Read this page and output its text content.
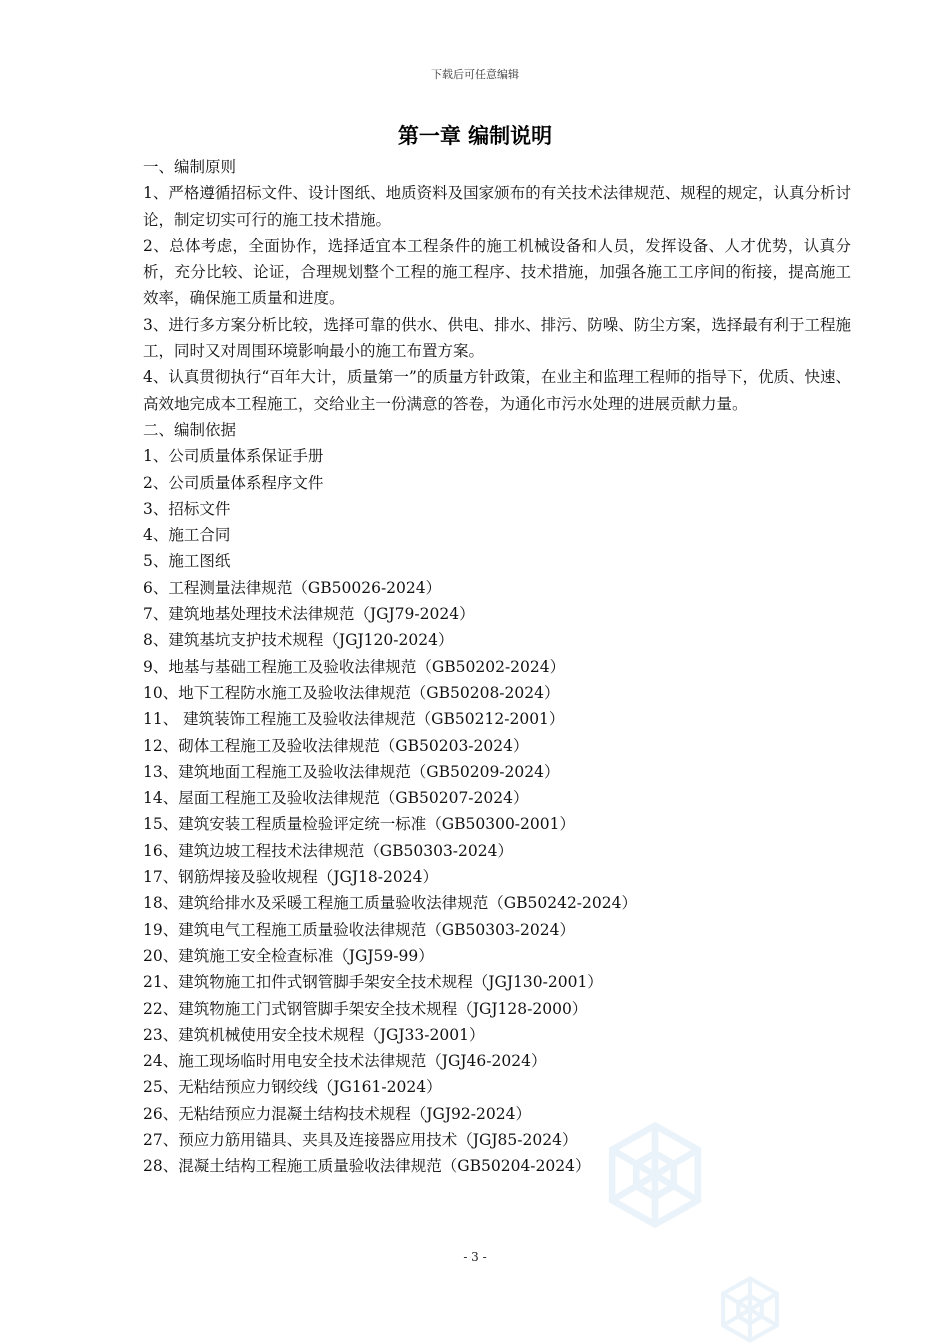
下载后可任意编辑
第一章 编制说明
一、编制原则
1、严格遵循招标文件、设计图纸、地质资料及国家颁布的有关技术法律规范、规程的规定，认真分析讨论，制定切实可行的施工技术措施。
2、总体考虑，全面协作，选择适宜本工程条件的施工机械设备和人员，发挥设备、人才优势，认真分析，充分比较、论证，合理规划整个工程的施工程序、技术措施，加强各施工工序间的衔接，提高施工效率，确保施工质量和进度。
3、进行多方案分析比较，选择可靠的供水、供电、排水、排污、防噪、防尘方案，选择最有利于工程施工，同时又对周围环境影响最小的施工布置方案。
4、认真贯彻执行“百年大计，质量第一”的质量方针政策，在业主和监理工程师的指导下，优质、快速、高效地完成本工程施工，交给业主一份满意的答卷，为通化市污水处理的进展贡献力量。
二、编制依据
1、公司质量体系保证手册
2、公司质量体系程序文件
3、招标文件
4、施工合同
5、施工图纸
6、工程测量法律规范（GB50026-2024）
7、建筑地基处理技术法律规范（JGJ79-2024）
8、建筑基坑支护技术规程（JGJ120-2024）
9、地基与基础工程施工及验收法律规范（GB50202-2024）
10、地下工程防水施工及验收法律规范（GB50208-2024）
11、 建筑装饰工程施工及验收法律规范（GB50212-2001）
12、砌体工程施工及验收法律规范（GB50203-2024）
13、建筑地面工程施工及验收法律规范（GB50209-2024）
14、屋面工程施工及验收法律规范（GB50207-2024）
15、建筑安装工程质量检验评定统一标准（GB50300-2001）
16、建筑边坡工程技术法律规范（GB50303-2024）
17、钢筋焊接及验收规程（JGJ18-2024）
18、建筑给排水及采暖工程施工质量验收法律规范（GB50242-2024）
19、建筑电气工程施工质量验收法律规范（GB50303-2024）
20、建筑施工安全检查标准（JGJ59-99）
21、建筑物施工扣件式钢管脚手架安全技术规程（JGJ130-2001）
22、建筑物施工门式钢管脚手架安全技术规程（JGJ128-2000）
23、建筑机械使用安全技术规程（JGJ33-2001）
24、施工现场临时用电安全技术法律规范（JGJ46-2024）
25、无粘结预应力钢绞线（JG161-2024）
26、无粘结预应力混凝土结构技术规程（JGJ92-2024）
27、预应力筋用锚具、夹具及连接器应用技术（JGJ85-2024）
28、混凝土结构工程施工质量验收法律规范（GB50204-2024）
- 3 -
